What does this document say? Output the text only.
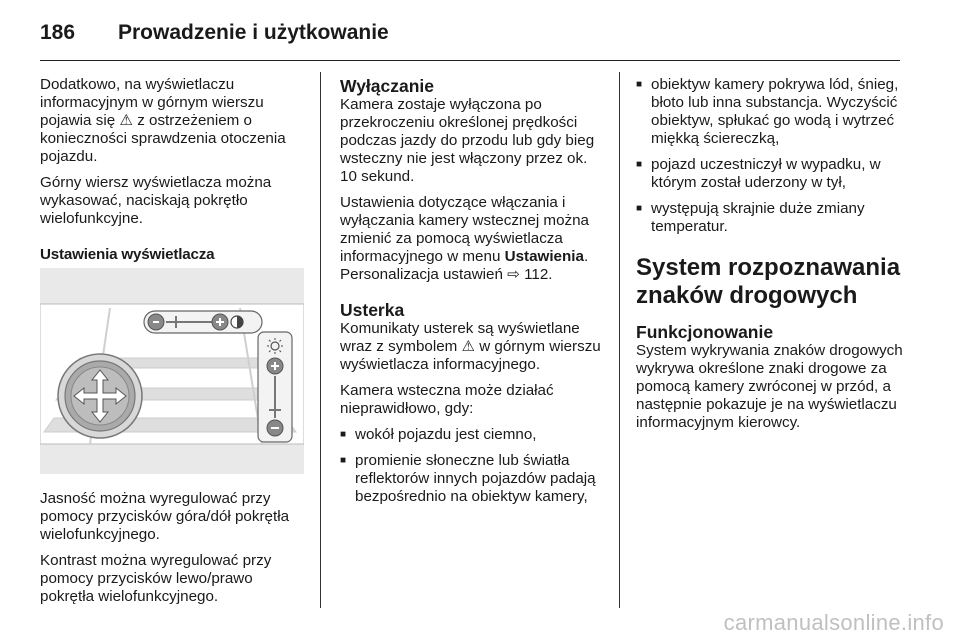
186	Prowadzenie i użytkowanie

Dodatkowo, na wyświetlaczu informacyjnym w górnym wierszu pojawia się ⚠ z ostrzeżeniem o konieczności sprawdzenia otoczenia pojazdu.

Górny wiersz wyświetlacza można wykasować, naciskają pokrętło wielofunkcyjne.

Ustawienia wyświetlacza

Jasność można wyregulować przy pomocy przycisków góra/dół pokrętła wielofunkcyjnego.
Kontrast można wyregulować przy pomocy przycisków lewo/prawo pokrętła wielofunkcyjnego.

Wyłączanie

Kamera zostaje wyłączona po przekroczeniu określonej prędkości podczas jazdy do przodu lub gdy bieg wsteczny nie jest włączony przez ok. 10 sekund.

Ustawienia dotyczące włączania i wyłączania kamery wstecznej można zmienić za pomocą wyświetlacza informacyjnego w menu Ustawienia. Personalizacja ustawień ⇨ 112.

Usterka

Komunikaty usterek są wyświetlane wraz z symbolem ⚠ w górnym wierszu wyświetlacza informacyjnego.

Kamera wsteczna może działać nieprawidłowo, gdy:

■ wokół pojazdu jest ciemno,
■ promienie słoneczne lub światła reflektorów innych pojazdów padają bezpośrednio na obiektyw kamery,
■ obiektyw kamery pokrywa lód, śnieg, błoto lub inna substancja. Wyczyścić obiektyw, spłukać go wodą i wytrzeć miękką ściereczką,
■ pojazd uczestniczył w wypadku, w którym został uderzony w tył,
■ występują skrajnie duże zmiany temperatur.
System rozpoznawania znaków drogowych
Funkcjonowanie

System wykrywania znaków drogowych wykrywa określone znaki drogowe za pomocą kamery zwróconej w przód, a następnie pokazuje je na wyświetlaczu informacyjnym kierowcy.

carmanualsonline.info
